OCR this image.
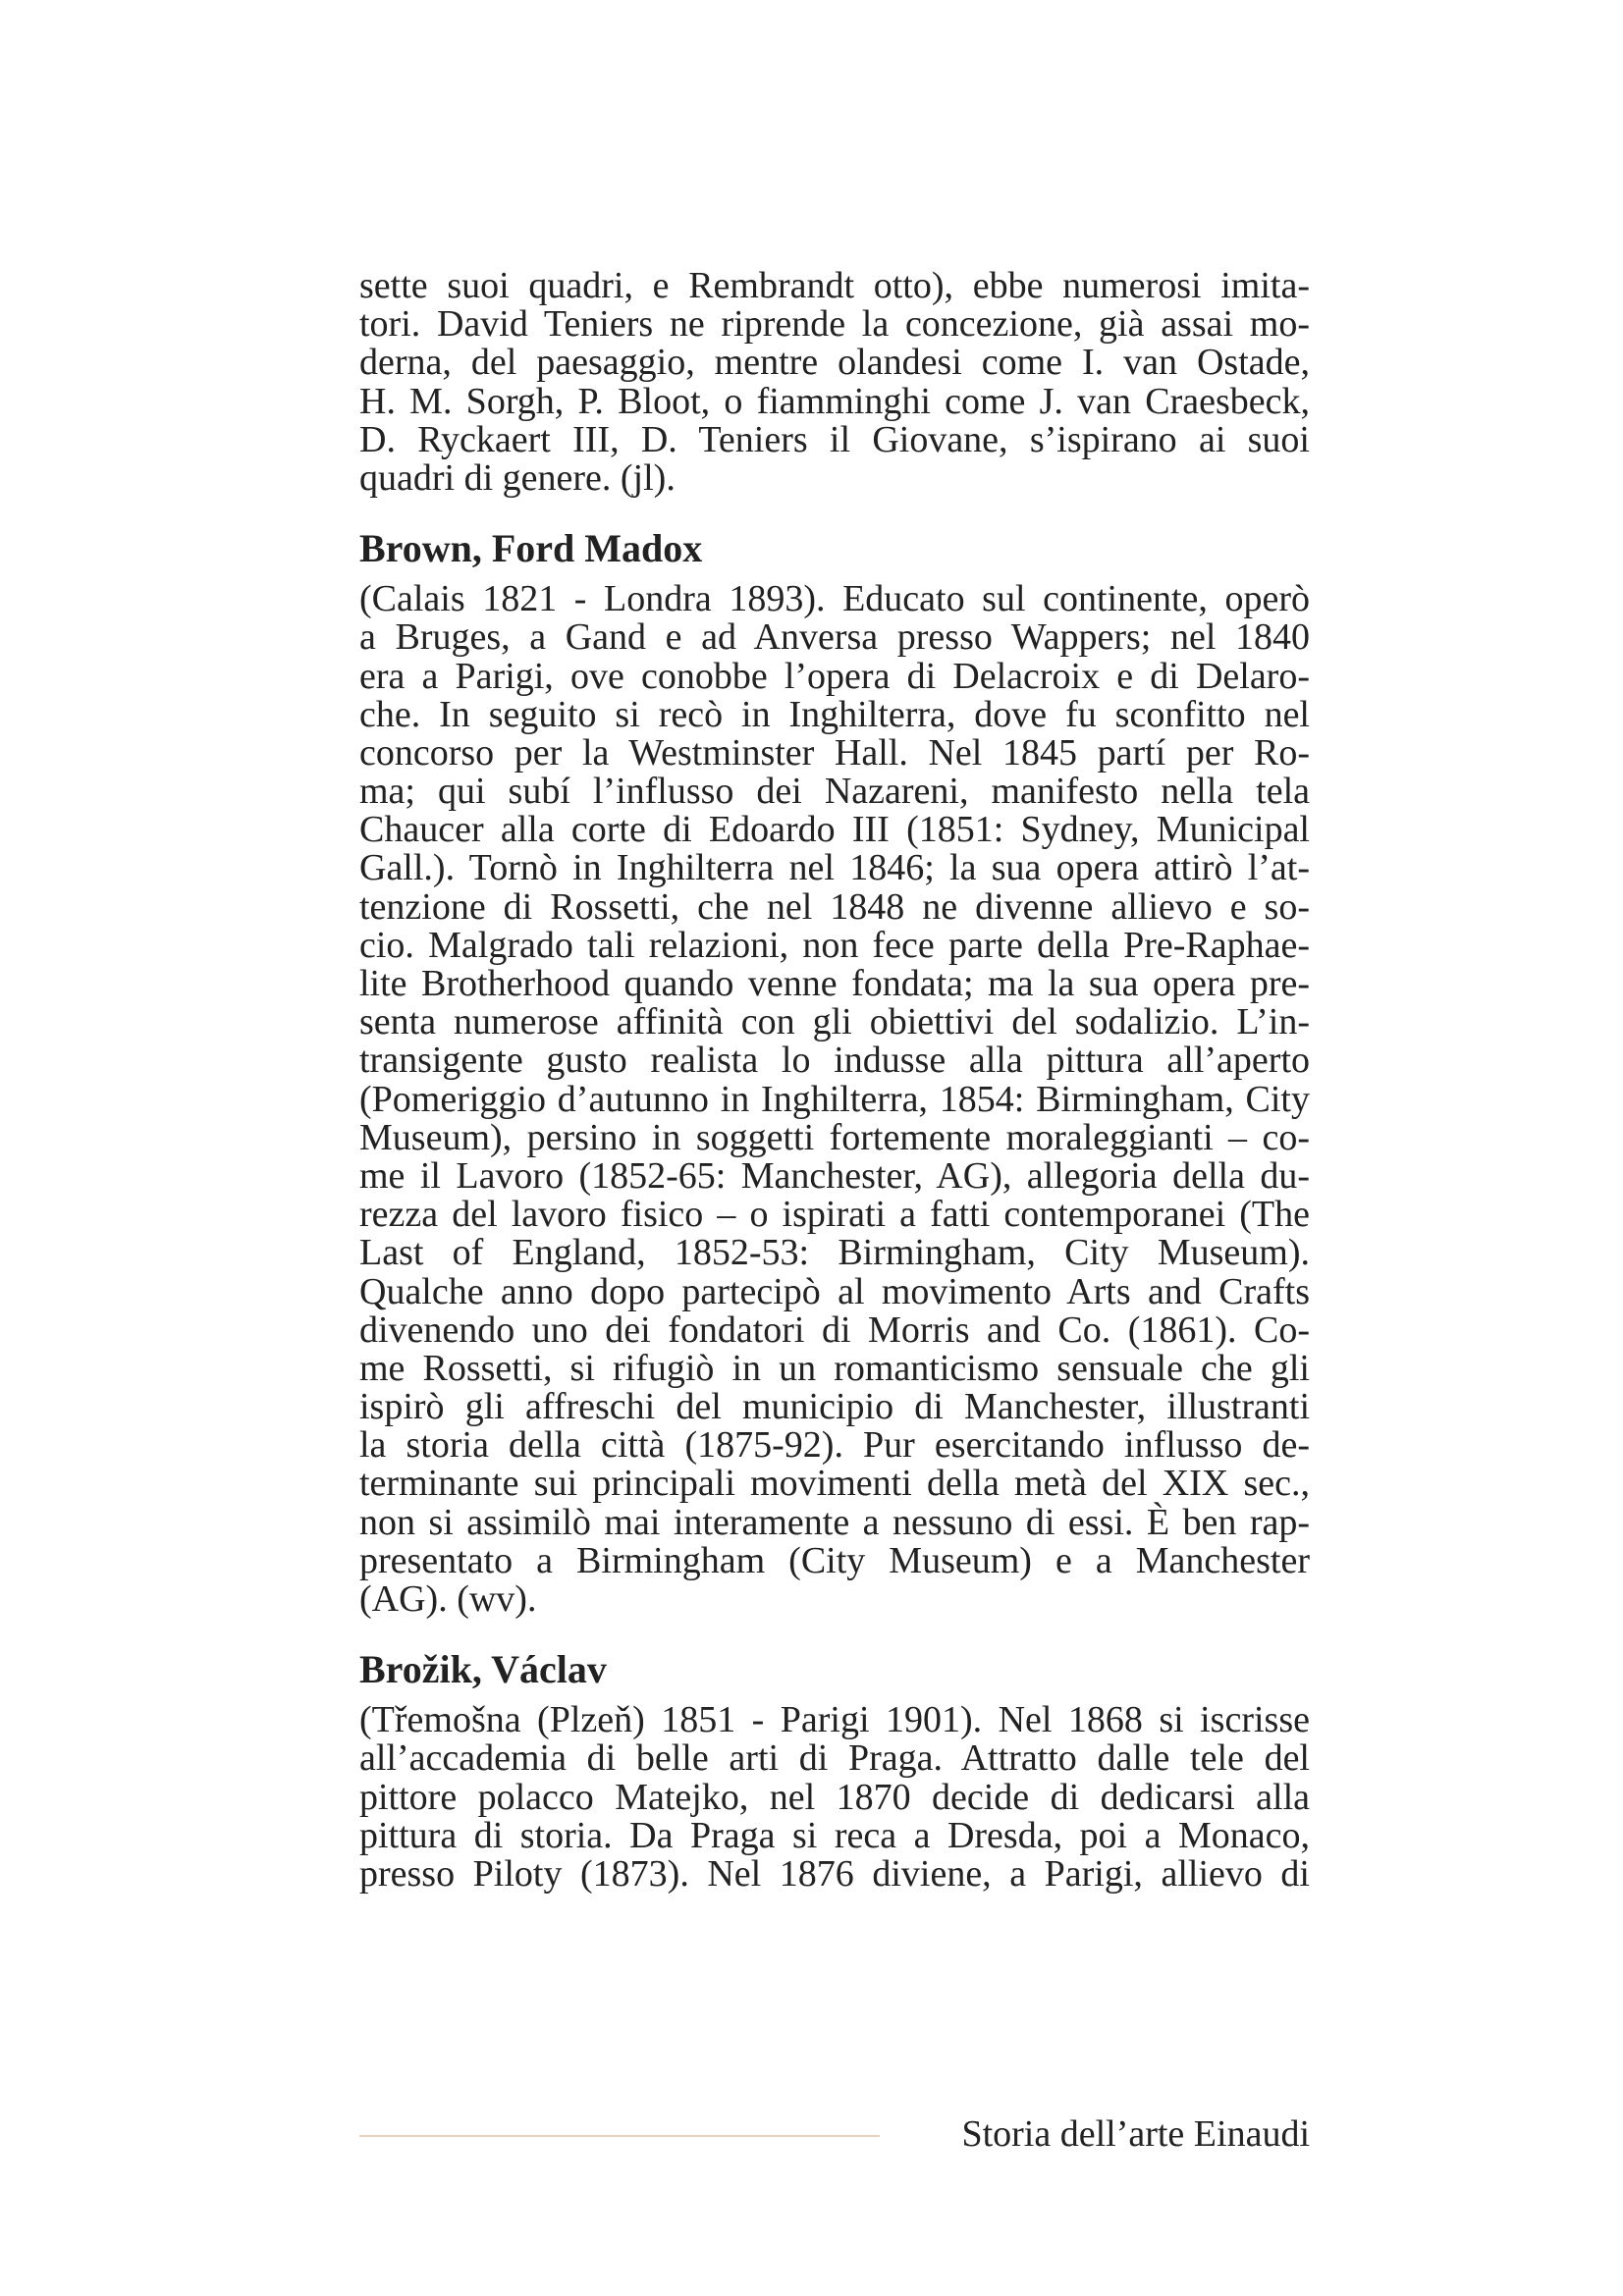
sette suoi quadri, e Rembrandt otto), ebbe numerosi imita-
tori. David Teniers ne riprende la concezione, già assai mo-
derna, del paesaggio, mentre olandesi come I. van Ostade,
H. M. Sorgh, P. Bloot, o fiamminghi come J. van Craesbeck,
D. Ryckaert III, D. Teniers il Giovane, s’ispirano ai suoi
quadri di genere. (jl).
Brown, Ford Madox
(Calais 1821 - Londra 1893). Educato sul continente, operò
a Bruges, a Gand e ad Anversa presso Wappers; nel 1840
era a Parigi, ove conobbe l’opera di Delacroix e di Delaro-
che. In seguito si recò in Inghilterra, dove fu sconfitto nel
concorso per la Westminster Hall. Nel 1845 partí per Ro-
ma; qui subí l’influsso dei Nazareni, manifesto nella tela
Chaucer alla corte di Edoardo III (1851: Sydney, Municipal
Gall.). Tornò in Inghilterra nel 1846; la sua opera attirò l’at-
tenzione di Rossetti, che nel 1848 ne divenne allievo e so-
cio. Malgrado tali relazioni, non fece parte della Pre-Raphae-
lite Brotherhood quando venne fondata; ma la sua opera pre-
senta numerose affinità con gli obiettivi del sodalizio. L’in-
transigente gusto realista lo indusse alla pittura all’aperto
(Pomeriggio d’autunno in Inghilterra, 1854: Birmingham, City
Museum), persino in soggetti fortemente moraleggianti – co-
me il Lavoro (1852-65: Manchester, AG), allegoria della du-
rezza del lavoro fisico – o ispirati a fatti contemporanei (The
Last of England, 1852-53: Birmingham, City Museum).
Qualche anno dopo partecipò al movimento Arts and Crafts
divenendo uno dei fondatori di Morris and Co. (1861). Co-
me Rossetti, si rifugiò in un romanticismo sensuale che gli
ispirò gli affreschi del municipio di Manchester, illustranti
la storia della città (1875-92). Pur esercitando influsso de-
terminante sui principali movimenti della metà del XIX sec.,
non si assimilò mai interamente a nessuno di essi. È ben rap-
presentato a Birmingham (City Museum) e a Manchester
(AG). (wv).
Brožik, Václav
(Třemošna (Plzeň) 1851 - Parigi 1901). Nel 1868 si iscrisse
all’accademia di belle arti di Praga. Attratto dalle tele del
pittore polacco Matejko, nel 1870 decide di dedicarsi alla
pittura di storia. Da Praga si reca a Dresda, poi a Monaco,
presso Piloty (1873). Nel 1876 diviene, a Parigi, allievo di
Storia dell’arte Einaudi
